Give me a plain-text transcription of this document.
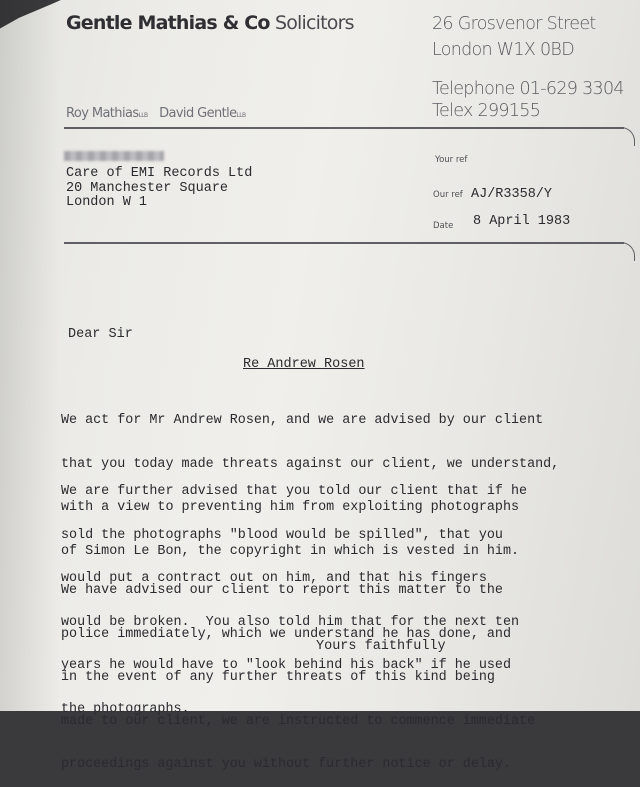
Gentle Mathias & Co Solicitors	26 Grosvenor Street
London W1X 0BD
Telephone 01-629 3304
Telex 299155
Roy MathiasLLB David GentleLLB
Care of EMI Records Ltd
20 Manchester Square
London W 1
Your ref
Our ref AJ/R3358/Y
Date 8 April 1983
Dear Sir
Re Andrew Rosen

We act for Mr Andrew Rosen, and we are advised by our client

that you today made threats against our client, we understand,

with a view to preventing him from exploiting photographs

of Simon Le Bon, the copyright in which is vested in him.

We are further advised that you told our client that if he

sold the photographs "blood would be spilled", that you

would put a contract out on him, and that his fingers

would be broken.  You also told him that for the next ten

years he would have to "look behind his back" if he used

the photographs.

We have advised our client to report this matter to the

police immediately, which we understand he has done, and

in the event of any further threats of this kind being

made to our client, we are instructed to commence immediate

proceedings against you without further notice or delay.

Yours faithfully
